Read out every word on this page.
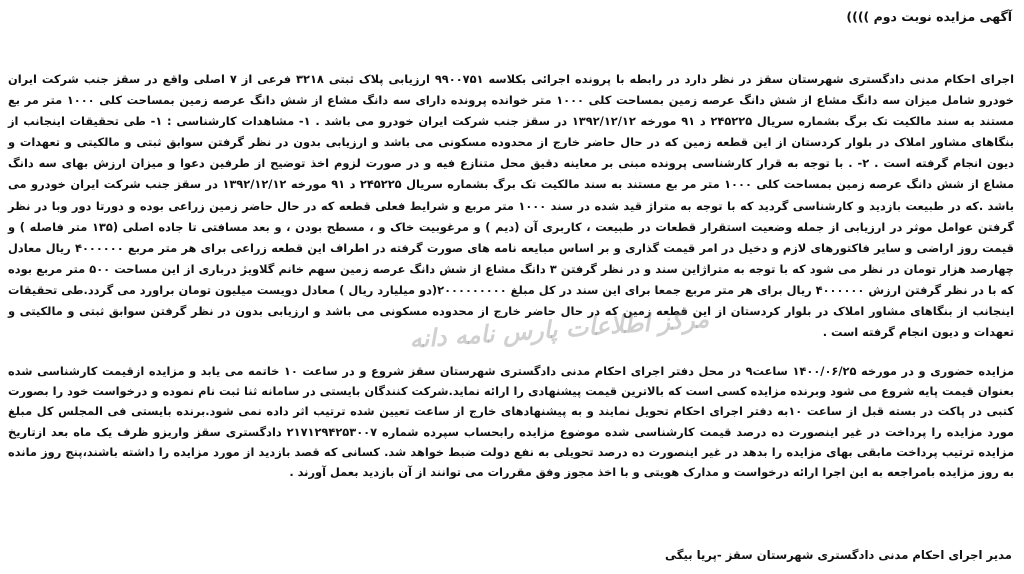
آگهی مزایده نوبت دوم ))))
اجرای احکام مدنی دادگستری شهرستان سقز در نظر دارد در رابطه با پرونده اجرائی بکلاسه ۹۹۰۰۷۵۱ ارزیابی پلاک ثبتی ۳۲۱۸ فرعی از ۷ اصلی واقع در سقز جنب شرکت ایران خودرو شامل میزان سه دانگ مشاع از شش دانگ عرصه زمین بمساحت کلی ۱۰۰۰ متر خوانده پرونده دارای سه دانگ مشاع از شش دانگ عرصه زمین بمساحت کلی ۱۰۰۰ متر مر بع مستند به سند مالکیت تک برگ بشماره سریال ۲۴۵۲۲۵ د ۹۱ مورخه ۱۳۹۲/۱۲/۱۲ در سقز جنب شرکت ایران خودرو می باشد . ۱- مشاهدات کارشناسی : ۱- طی تحقیقات اینجانب از بنگاهای مشاور املاک در بلوار کردستان از این قطعه زمین که در حال حاضر خارج از محدوده مسکونی می باشد و ارزیابی بدون در نظر گرفتن سوابق ثبتی و مالکیتی و تعهدات و دیون انجام گرفته است . ۲- . با توجه به قرار کارشناسی پرونده مبنی بر معاینه دقیق محل متنازع فیه و در صورت لزوم اخذ توضیح از طرفین دعوا و میزان ارزش بهای سه دانگ مشاع از شش دانگ عرصه زمین بمساحت کلی ۱۰۰۰ متر مر بع مستند به سند مالکیت تک برگ بشماره سریال ۲۴۵۲۲۵ د ۹۱ مورخه ۱۳۹۲/۱۲/۱۲ در سقز جنب شرکت ایران خودرو می باشد .که در طبیعت بازدید و کارشناسی گردید که با توجه به متراژ قید شده در سند ۱۰۰۰ متر مربع و شرایط فعلی قطعه که در حال حاضر زمین زراعی بوده و دورتا دور وبا در نظر گرفتن عوامل موثر در ارزیابی از جمله وضعیت استقرار قطعات در طبیعت ، کاربری آن (دیم ) و مرغوبیت خاک و ، مسطح بودن ، و بعد مسافتی تا جاده اصلی (۱۳۵ متر فاصله ) و قیمت روز اراضی و سایر فاکتورهای لازم و دخیل در امر قیمت گذاری و بر اساس مبایعه نامه های صورت گرفته در اطراف این قطعه زراعی برای هر متر مربع ۴۰۰۰۰۰۰ ریال معادل چهارصد هزار تومان در نظر می شود که با توجه به متراژاین سند و در نظر گرفتن ۳ دانگ مشاع از شش دانگ عرصه زمین سهم خانم گلاویژ درباری از این مساحت ۵۰۰ متر مربع بوده که با در نظر گرفتن ارزش ۴۰۰۰۰۰۰ ریال برای هر متر مربع جمعا برای این سند در کل مبلغ ۲۰۰۰۰۰۰۰۰۰(دو میلیارد ریال ) معادل دویست میلیون تومان براورد می گردد.طی تحقیقات اینجانب از بنگاهای مشاور املاک در بلوار کردستان از این قطعه زمین که در حال حاضر خارج از محدوده مسکونی می باشد و ارزیابی بدون در نظر گرفتن سوابق ثبتی و مالکیتی و تعهدات و دیون انجام گرفته است .
مرکز اطلاعات پارس نامه دانه
مزایده حضوری و در مورخه ۱۴۰۰/۰۶/۲۵ ساعت۹ در محل دفتر اجرای احکام مدنی دادگستری شهرستان سقز شروع و در ساعت ۱۰ خاتمه می یابد و مزایده ازقیمت کارشناسی شده بعنوان قیمت پایه شروع می شود وبرنده مزایده کسی است که بالاترین قیمت پیشنهادی را ارائه نماید.شرکت کنندگان بایستی در سامانه ثنا ثبت نام نموده و درخواست خود را بصورت کتبی در پاکت در بسته قبل از ساعت ۱۰به دفتر اجرای احکام تحویل نمایند و به پیشنهادهای خارج از ساعت تعیین شده ترتیب اثر داده نمی شود.برنده بایستی فی المجلس کل مبلغ مورد مزایده را پرداخت در غیر اینصورت ده درصد قیمت کارشناسی شده موضوع مزایده رابحساب سپرده شماره ۲۱۷۱۲۹۴۲۵۳۰۰۷ دادگستری سقز واریزو ظرف یک ماه بعد ازتاریخ مزایده ترتیب پرداخت مابقی بهای مزایده را بدهد در غیر اینصورت ده درصد تحویلی به نفع دولت ضبط خواهد شد. کسانی که قصد بازدید از مورد مزایده را داشته باشند،پنج روز مانده به روز مزایده بامراجعه به این اجرا ارائه درخواست و مدارک هویتی و با اخذ مجوز وفق مقررات می توانند از آن بازدید بعمل آورند .
مدیر اجرای احکام مدنی دادگستری شهرستان سقز -پریا بیگی
